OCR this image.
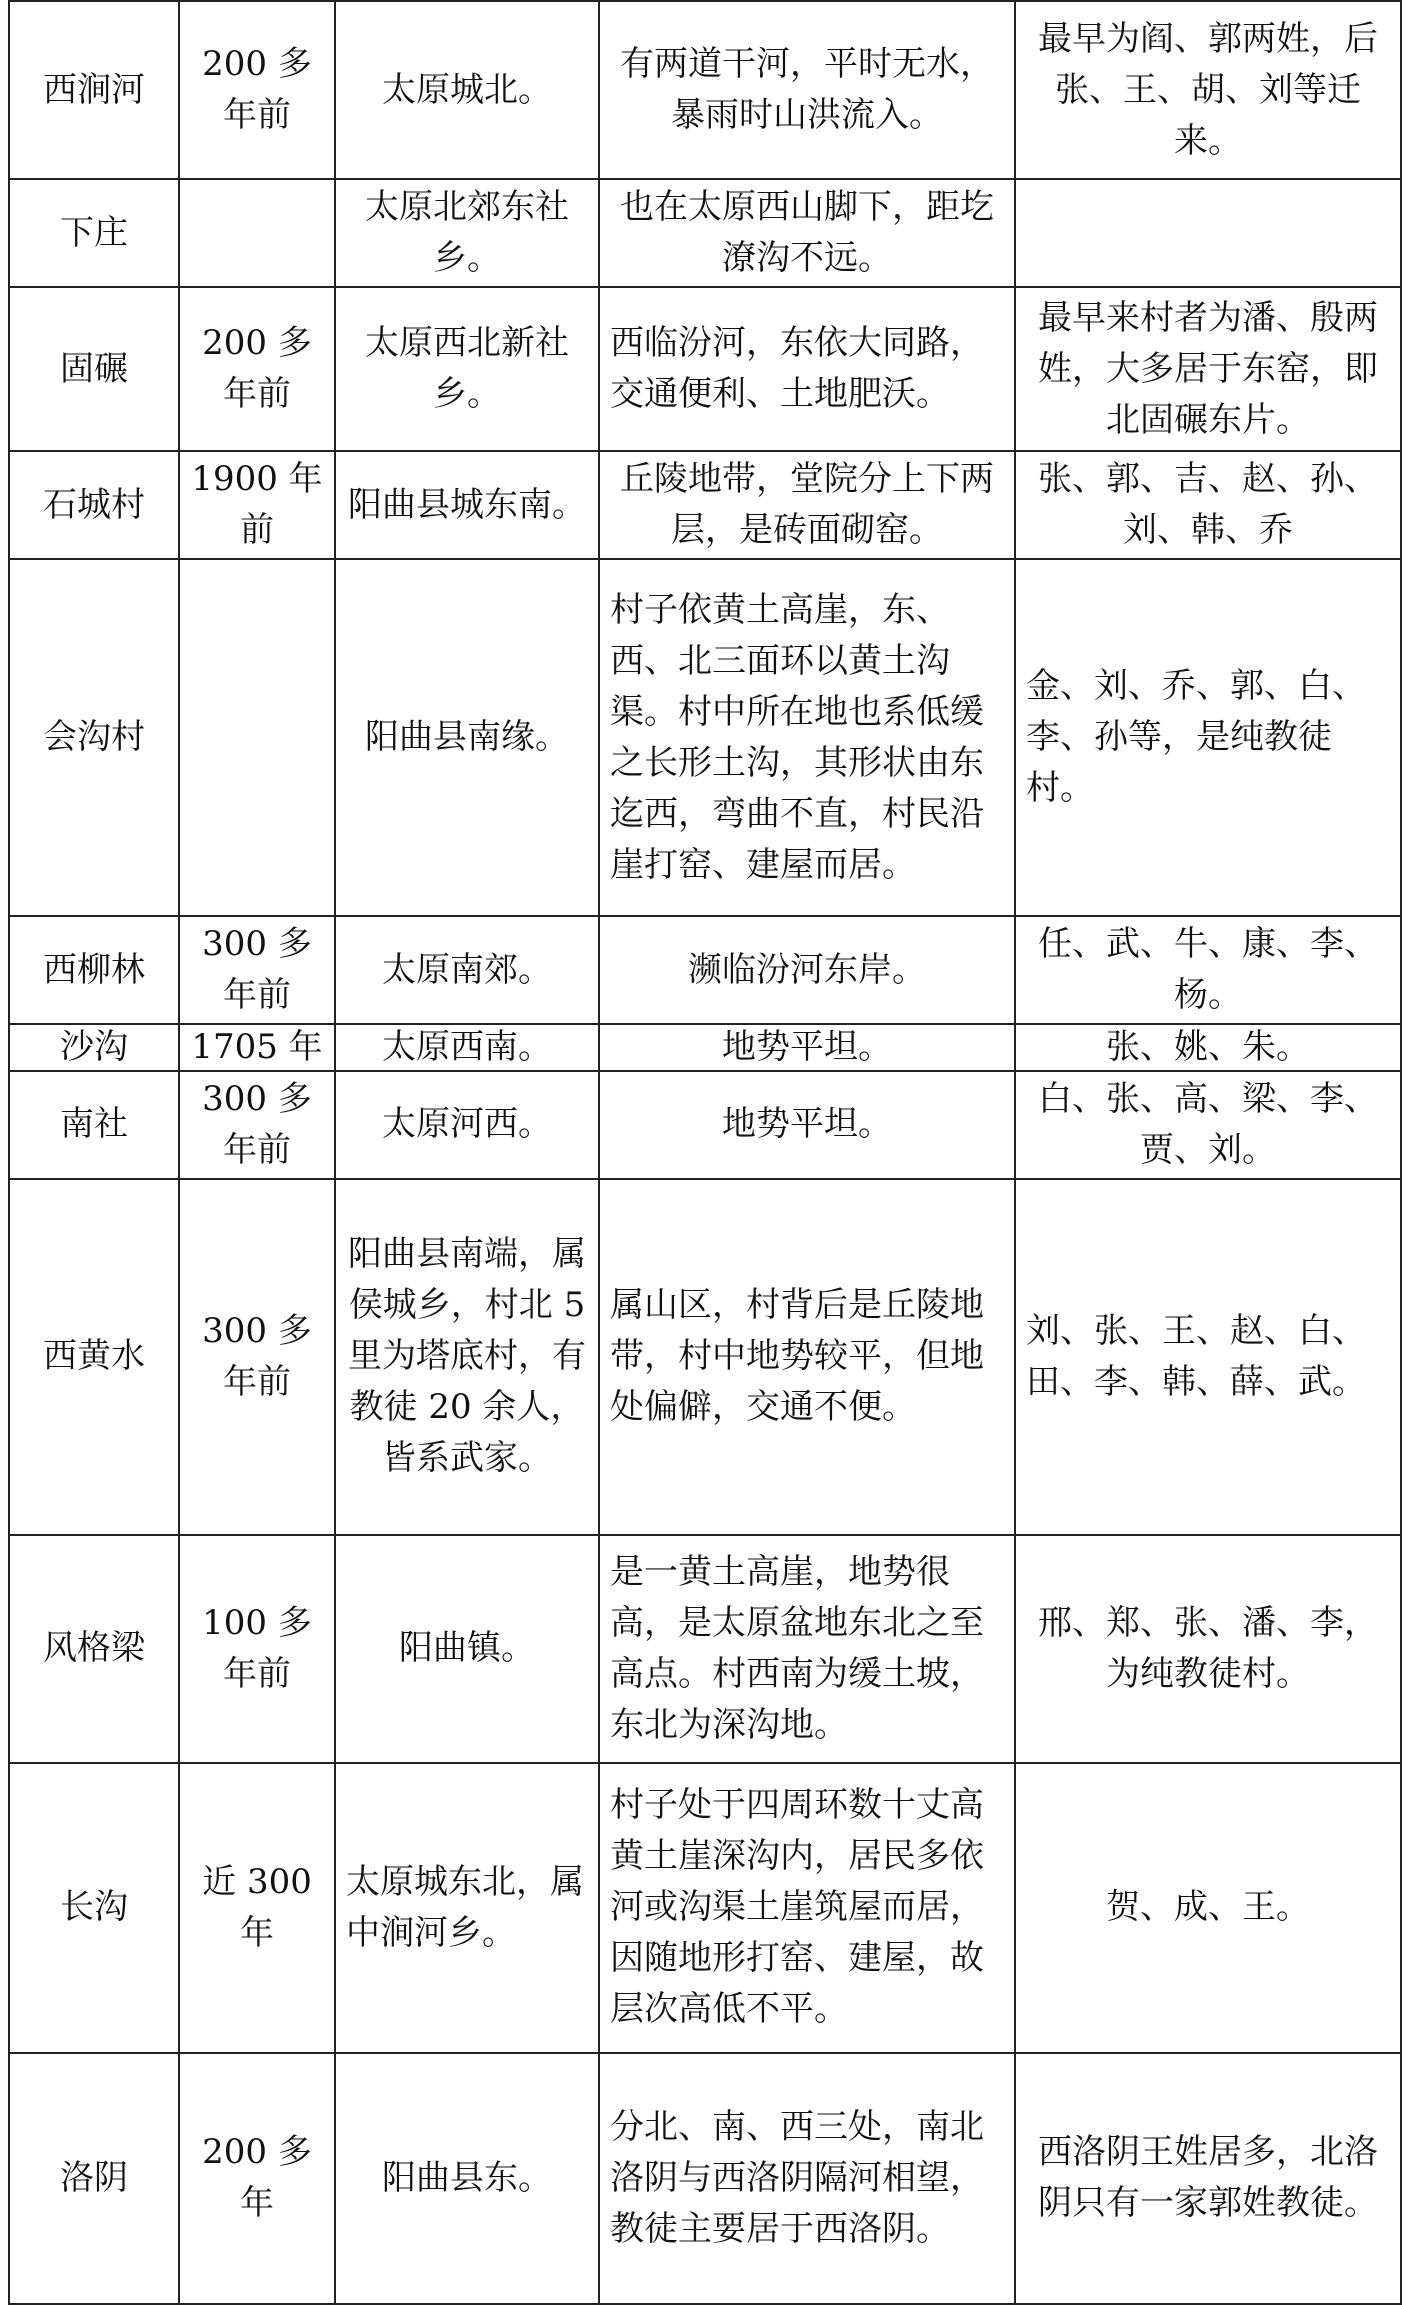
西涧河	200 多年前	太原城北。	有两道干河，平时无水，暴雨时山洪流入。	最早为阎、郭两姓，后张、王、胡、刘等迁来。
下庄		太原北郊东社乡。	也在太原西山脚下，距圪潦沟不远。	
固碾	200 多年前	太原西北新社乡。	西临汾河，东依大同路，交通便利、土地肥沃。	最早来村者为潘、殷两姓，大多居于东窑，即北固碾东片。
石城村	1900 年前	阳曲县城东南。	丘陵地带，堂院分上下两层，是砖面砌窑。	张、郭、吉、赵、孙、刘、韩、乔
会沟村		阳曲县南缘。	村子依黄土高崖，东、西、北三面环以黄土沟渠。村中所在地也系低缓之长形土沟，其形状由东迄西，弯曲不直，村民沿崖打窑、建屋而居。	金、刘、乔、郭、白、李、孙等，是纯教徒村。
西柳林	300 多年前	太原南郊。	濒临汾河东岸。	任、武、牛、康、李、杨。
沙沟	1705 年	太原西南。	地势平坦。	张、姚、朱。
南社	300 多年前	太原河西。	地势平坦。	白、张、高、梁、李、贾、刘。
西黄水	300 多年前	阳曲县南端，属侯城乡，村北 5 里为塔底村，有教徒 20 余人，皆系武家。	属山区，村背后是丘陵地带，村中地势较平，但地处偏僻，交通不便。	刘、张、王、赵、白、田、李、韩、薛、武。
风格梁	100 多年前	阳曲镇。	是一黄土高崖，地势很高，是太原盆地东北之至高点。村西南为缓土坡，东北为深沟地。	邢、郑、张、潘、李，为纯教徒村。
长沟	近 300 年	太原城东北，属中涧河乡。	村子处于四周环数十丈高黄土崖深沟内，居民多依河或沟渠土崖筑屋而居，因随地形打窑、建屋，故层次高低不平。	贺、成、王。
洛阴	200 多年	阳曲县东。	分北、南、西三处，南北洛阴与西洛阴隔河相望，教徒主要居于西洛阴。	西洛阴王姓居多，北洛阴只有一家郭姓教徒。
